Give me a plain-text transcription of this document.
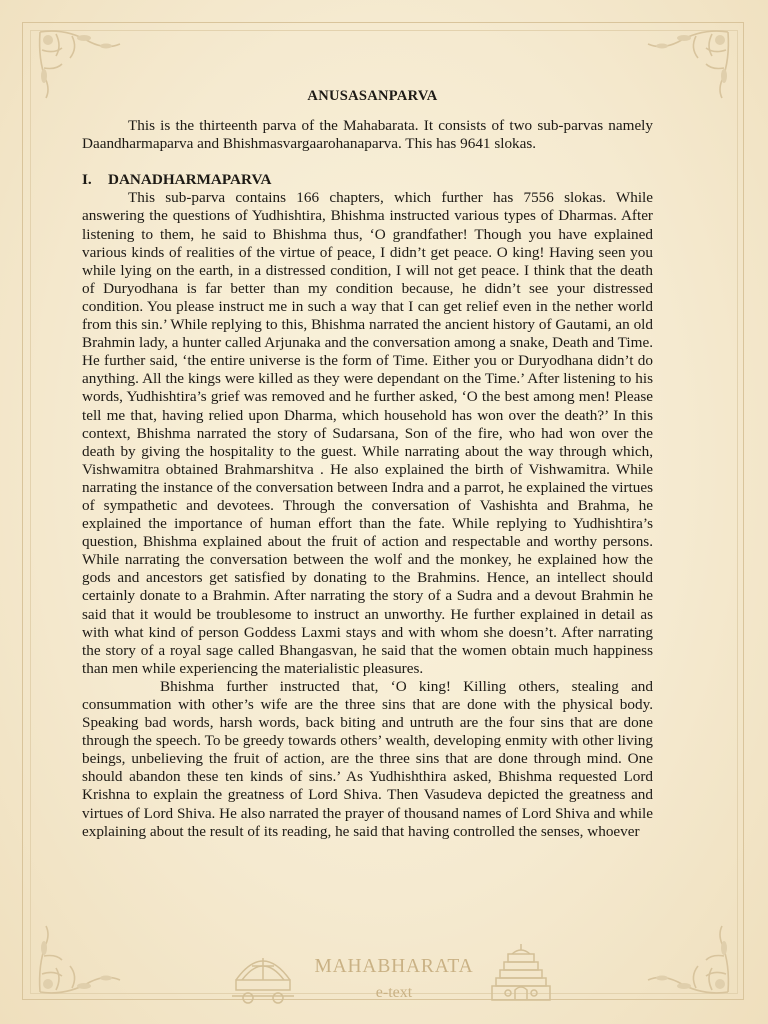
ANUSASANPARVA

This is the thirteenth parva of the Mahabarata. It consists of two sub-parvas namely Daandharmaparva and Bhishmasvargaarohanaparva. This has 9641 slokas.

I. DANADHARMAPARVA

This sub-parva contains 166 chapters, which further has 7556 slokas. While answering the questions of Yudhishtira, Bhishma instructed various types of Dharmas. After listening to them, he said to Bhishma thus, ‘O grandfather! Though you have explained various kinds of realities of the virtue of peace, I didn’t get peace. O king! Having seen you while lying on the earth, in a distressed condition, I will not get peace. I think that the death of Duryodhana is far better than my condition because, he didn’t see your distressed condition. You please instruct me in such a way that I can get relief even in the nether world from this sin.’ While replying to this, Bhishma narrated the ancient history of Gautami, an old Brahmin lady, a hunter called Arjunaka and the conversation among a snake, Death and Time. He further said, ‘the entire universe is the form of Time. Either you or Duryodhana didn’t do anything. All the kings were killed as they were dependant on the Time.’ After listening to his words, Yudhishtira’s grief was removed and he further asked, ‘O the best among men! Please tell me that, having relied upon Dharma, which household has won over the death?’ In this context, Bhishma narrated the story of Sudarsana, Son of the fire, who had won over the death by giving the hospitality to the guest. While narrating about the way through which, Vishwamitra obtained Brahmarshitva . He also explained the birth of Vishwamitra. While narrating the instance of the conversation between Indra and a parrot, he explained the virtues of sympathetic and devotees. Through the conversation of Vashishta and Brahma, he explained the importance of human effort than the fate. While replying to Yudhishtira’s question, Bhishma explained about the fruit of action and respectable and worthy persons. While narrating the conversation between the wolf and the monkey, he explained how the gods and ancestors get satisfied by donating to the Brahmins. Hence, an intellect should certainly donate to a Brahmin. After narrating the story of a Sudra and a devout Brahmin he said that it would be troublesome to instruct an unworthy. He further explained in detail as with what kind of person Goddess Laxmi stays and with whom she doesn’t. After narrating the story of a royal sage called Bhangasvan, he said that the women obtain much happiness than men while experiencing the materialistic pleasures.

Bhishma further instructed that, ‘O king! Killing others, stealing and consummation with other’s wife are the three sins that are done with the physical body. Speaking bad words, harsh words, back biting and untruth are the four sins that are done through the speech. To be greedy towards others’ wealth, developing enmity with other living beings, unbelieving the fruit of action, are the three sins that are done through mind. One should abandon these ten kinds of sins.’ As Yudhishthira asked, Bhishma requested Lord Krishna to explain the greatness of Lord Shiva. Then Vasudeva depicted the greatness and virtues of Lord Shiva. He also narrated the prayer of thousand names of Lord Shiva and while explaining about the result of its reading, he said that having controlled the senses, whoever

MAHABHARATA
e-text
